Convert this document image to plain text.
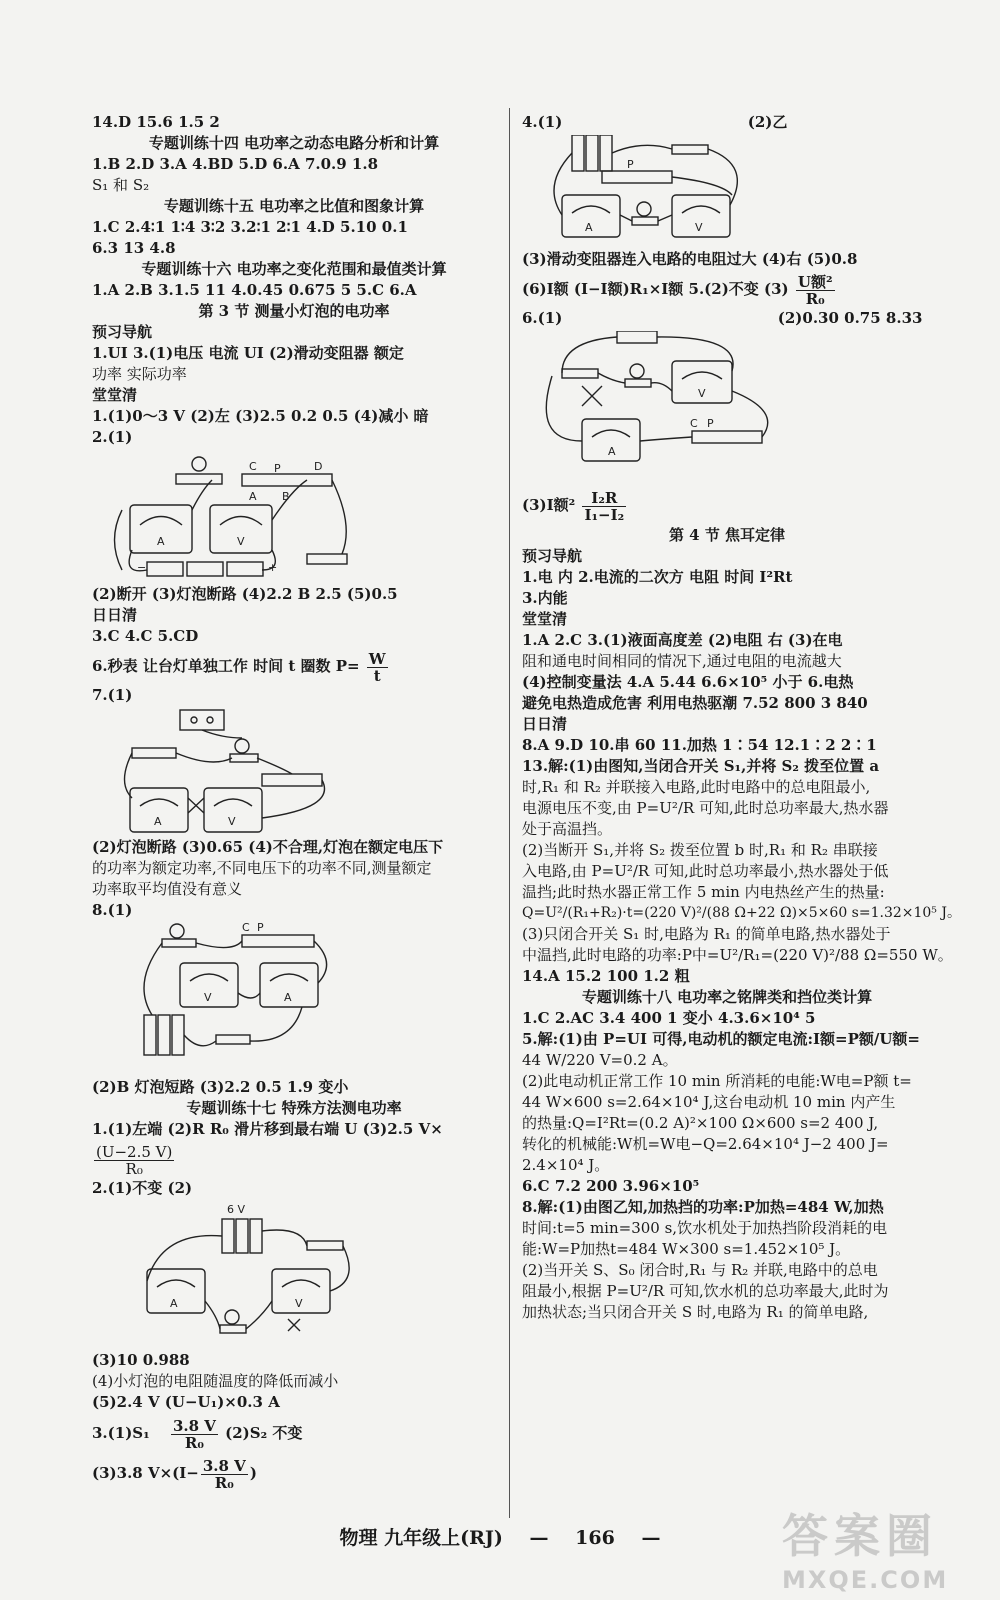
14.D 15.6 1.5 2
专题训练十四 电功率之动态电路分析和计算
1.B 2.D 3.A 4.BD 5.D 6.A 7.0.9 1.8
S₁ 和 S₂
专题训练十五 电功率之比值和图象计算
1.C 2.4∶1 1∶4 3∶2 3.2∶1 2∶1 4.D 5.10 0.1
6.3 13 4.8
专题训练十六 电功率之变化范围和最值类计算
1.A 2.B 3.1.5 11 4.0.45 0.675 5 5.C 6.A
第 3 节 测量小灯泡的电功率
预习导航
1.UI 3.(1)电压 电流 UI (2)滑动变阻器 额定
功率 实际功率
堂堂清
1.(1)0～3 V (2)左 (3)2.5 0.2 0.5 (4)减小 暗
2.(1)
A	V
C P	D
A B
−	+
(2)断开 (3)灯泡断路 (4)2.2 B 2.5 (5)0.5
日日清
3.C 4.C 5.CD
6.秒表 让台灯单独工作 时间 t 圈数 $P= \frac{W}{t}$
7.(1)
A	V
(2)灯泡断路 (3)0.65 (4)不合理,灯泡在额定电压下
的功率为额定功率,不同电压下的功率不同,测量额定
功率取平均值没有意义
8.(1)
C P
V	A
(2)B 灯泡短路 (3)2.2 0.5 1.9 变小
专题训练十七 特殊方法测电功率
1.(1)左端 (2)R R₀ 滑片移到最右端 U (3)2.5 V×
$\frac{(U-2.5 V)}{\text{R₀}}$
2.(1)不变 (2)
6 V
A	V
(3)10 0.988
(4)小灯泡的电阻随温度的降低而减小
(5)2.4 V (U−U₁)×0.3 A
$3.(1)S_1 \frac{3.8 V}{\text{R₀}} (2)S_2$ 不变
(3)3.8 $V\times(I- \frac{3.8 V}{\text{R₀}}$ )
4.(1)	(2)乙
P
A	V
(3)滑动变阻器连入电路的电阻过大 (4)右 (5)0.8
(6)I额 (I−I额)R₁×I额 5.(2)不变 $(3) \frac{\text{U额²}}{\text{R₀}}$
6.(1)	(2)0.30 0.75 8.33
V
A
C P
(3)I额$^2 \frac{\text{I₂R}}{\text{I₁−I₂}}$
第 4 节 焦耳定律
预习导航
1.电 内 2.电流的二次方 电阻 时间 I²Rt
3.内能
堂堂清
1.A 2.C 3.(1)液面高度差 (2)电阻 右 (3)在电
阻和通电时间相同的情况下,通过电阻的电流越大
(4)控制变量法 4.A 5.44 6.6×10⁵ 小于 6.电热
避免电热造成危害 利用电热驱潮 7.52 800 3 840
日日清
8.A 9.D 10.串 60 11.加热 1∶54 12.1∶2 2∶1
13.解:(1)由图知,当闭合开关 S₁,并将 S₂ 拨至位置 a
时,R₁ 和 R₂ 并联接入电路,此时电路中的总电阻最小,
电源电压不变,由 P=U²/R 可知,此时总功率最大,热水器
处于高温挡。
(2)当断开 S₁,并将 S₂ 拨至位置 b 时,R₁ 和 R₂ 串联接
入电路,由 P=U²/R 可知,此时总功率最小,热水器处于低
温挡;此时热水器正常工作 5 min 内电热丝产生的热量:
Q=U²/(R₁+R₂)·t=(220 V)²/(88 Ω+22 Ω)×5×60 s=1.32×10⁵ J。
(3)只闭合开关 S₁ 时,电路为 R₁ 的简单电路,热水器处于
中温挡,此时电路的功率:P中=U²/R₁=(220 V)²/88 Ω=550 W。
14.A 15.2 100 1.2 粗
专题训练十八 电功率之铭牌类和挡位类计算
1.C 2.AC 3.4 400 1 变小 4.3.6×10⁴ 5
5.解:(1)由 P=UI 可得,电动机的额定电流:I额=P额/U额=
44 W/220 V=0.2 A。
(2)此电动机正常工作 10 min 所消耗的电能:W电=P额 t=
44 W×600 s=2.64×10⁴ J,这台电动机 10 min 内产生
的热量:Q=I²Rt=(0.2 A)²×100 Ω×600 s=2 400 J,
转化的机械能:W机=W电−Q=2.64×10⁴ J−2 400 J=
2.4×10⁴ J。
6.C 7.2 200 3.96×10⁵
8.解:(1)由图乙知,加热挡的功率:P加热=484 W,加热
时间:t=5 min=300 s,饮水机处于加热挡阶段消耗的电
能:W=P加热t=484 W×300 s=1.452×10⁵ J。
(2)当开关 S、S₀ 闭合时,R₁ 与 R₂ 并联,电路中的总电
阻最小,根据 P=U²/R 可知,饮水机的总功率最大,此时为
加热状态;当只闭合开关 S 时,电路为 R₁ 的简单电路,
物理 九年级上(RJ) — 166 —	答案圈
MXQE.COM
